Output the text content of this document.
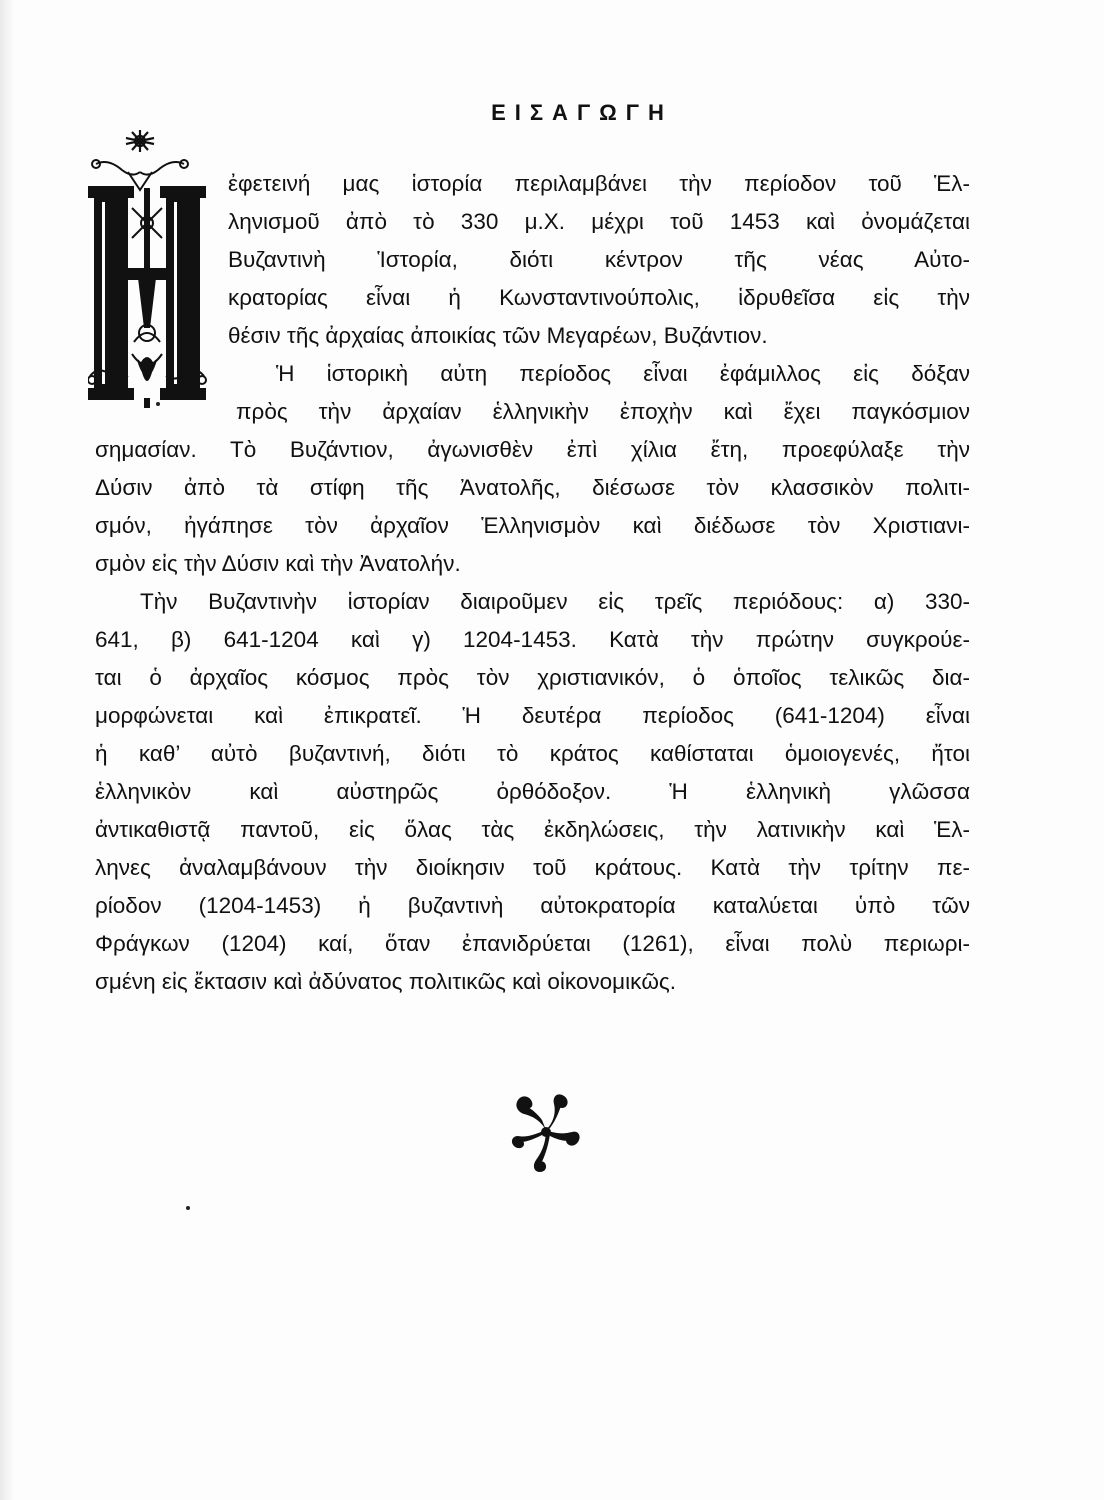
ΕΙΣΑΓΩΓΗ
ἐφετεινή μας ἱστορία περιλαμβάνει τὴν περίοδον τοῦ Ἑλ-
ληνισμοῦ ἀπὸ τὸ 330 μ.Χ. μέχρι τοῦ 1453 καὶ ὀνομάζεται
Βυζαντινὴ Ἱστορία, διότι κέντρον τῆς νέας Αὐτο-
κρατορίας εἶναι ἡ Κωνσταντινούπολις, ἱδρυθεῖσα εἰς τὴν
θέσιν τῆς ἀρχαίας ἀποικίας τῶν Μεγαρέων, Βυζάντιον.
Ἡ ἱστορικὴ αὐτη περίοδος εἶναι ἐφάμιλλος εἰς δόξαν
πρὸς τὴν ἀρχαίαν ἑλληνικὴν ἐποχὴν καὶ ἔχει παγκόσμιον
σημασίαν. Τὸ Βυζάντιον, ἀγωνισθὲν ἐπὶ χίλια ἔτη, προεφύλαξε τὴν
Δύσιν ἀπὸ τὰ στίφη τῆς Ἀνατολῆς, διέσωσε τὸν κλασσικὸν πολιτι-
σμόν, ἠγάπησε τὸν ἀρχαῖον Ἑλληνισμὸν καὶ διέδωσε τὸν Χριστιανι-
σμὸν εἰς τὴν Δύσιν καὶ τὴν Ἀνατολήν.
Τὴν Βυζαντινὴν ἱστορίαν διαιροῦμεν εἰς τρεῖς περιόδους: α) 330-
641, β) 641-1204 καὶ γ) 1204-1453. Κατὰ τὴν πρώτην συγκρούε-
ται ὁ ἀρχαῖος κόσμος πρὸς τὸν χριστιανικόν, ὁ ὁποῖος τελικῶς δια-
μορφώνεται καὶ ἐπικρατεῖ. Ἡ δευτέρα περίοδος (641-1204) εἶναι
ἡ καθ’ αὐτὸ βυζαντινή, διότι τὸ κράτος καθίσταται ὁμοιογενές, ἤτοι
ἑλληνικὸν καὶ αὐστηρῶς ὀρθόδοξον. Ἡ ἑλληνικὴ γλῶσσα
ἀντικαθιστᾷ παντοῦ, εἰς ὅλας τὰς ἐκδηλώσεις, τὴν λατινικὴν καὶ Ἑλ-
ληνες ἀναλαμβάνουν τὴν διοίκησιν τοῦ κράτους. Κατὰ τὴν τρίτην πε-
ρίοδον (1204-1453) ἡ βυζαντινὴ αὐτοκρατορία καταλύεται ὑπὸ τῶν
Φράγκων (1204) καί, ὅταν ἐπανιδρύεται (1261), εἶναι πολὺ περιωρι-
σμένη εἰς ἔκτασιν καὶ ἀδύνατος πολιτικῶς καὶ οἰκονομικῶς.
